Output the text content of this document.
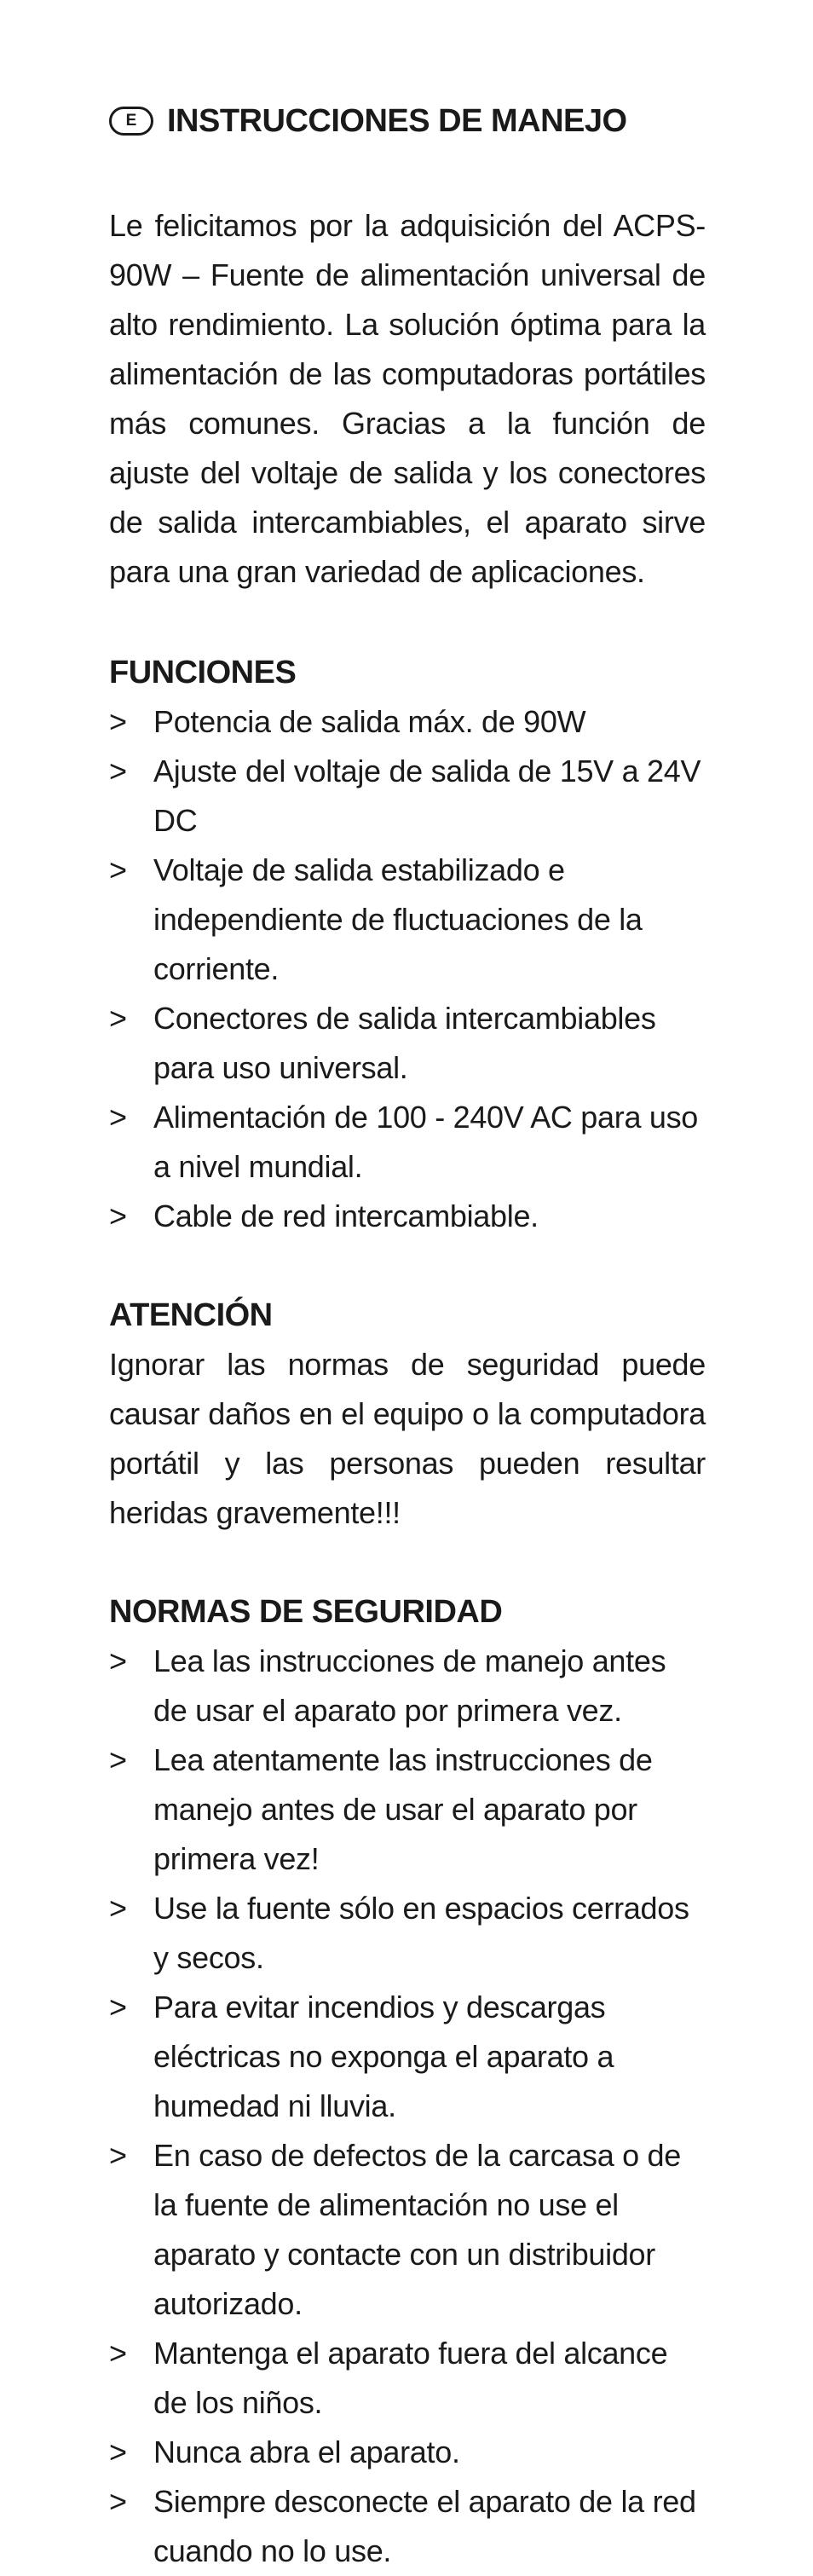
E INSTRUCCIONES DE MANEJO

Le felicitamos por la adquisición del ACPS-90W – Fuente de alimentación universal de alto rendimiento. La solución óptima para la alimentación de las computadoras portátiles más comunes. Gracias a la función de ajuste del voltaje de salida y los conectores de salida intercambiables, el aparato sirve para una gran variedad de aplicaciones.

FUNCIONES
> Potencia de salida máx. de 90W
> Ajuste del voltaje de salida de 15V a 24V DC
> Voltaje de salida estabilizado e independiente de fluctuaciones de la corriente.
> Conectores de salida intercambiables para uso universal.
> Alimentación de 100 - 240V AC para uso a nivel mundial.
> Cable de red intercambiable.
ATENCIÓN

Ignorar las normas de seguridad puede causar daños en el equipo o la computadora portátil y las personas pueden resultar heridas gravemente!!!

NORMAS DE SEGURIDAD
> Lea las instrucciones de manejo antes de usar el aparato por primera vez.
> Lea atentamente las instrucciones de manejo antes de usar el aparato por primera vez!
> Use la fuente sólo en espacios cerrados y secos.
> Para evitar incendios y descargas eléctricas no exponga el aparato a humedad ni lluvia.
> En caso de defectos de la carcasa o de la fuente de alimentación no use el aparato y contacte con un distribuidor autorizado.
> Mantenga el aparato fuera del alcance de los niños.
> Nunca abra el aparato.
> Siempre desconecte el aparato de la red cuando no lo use.
